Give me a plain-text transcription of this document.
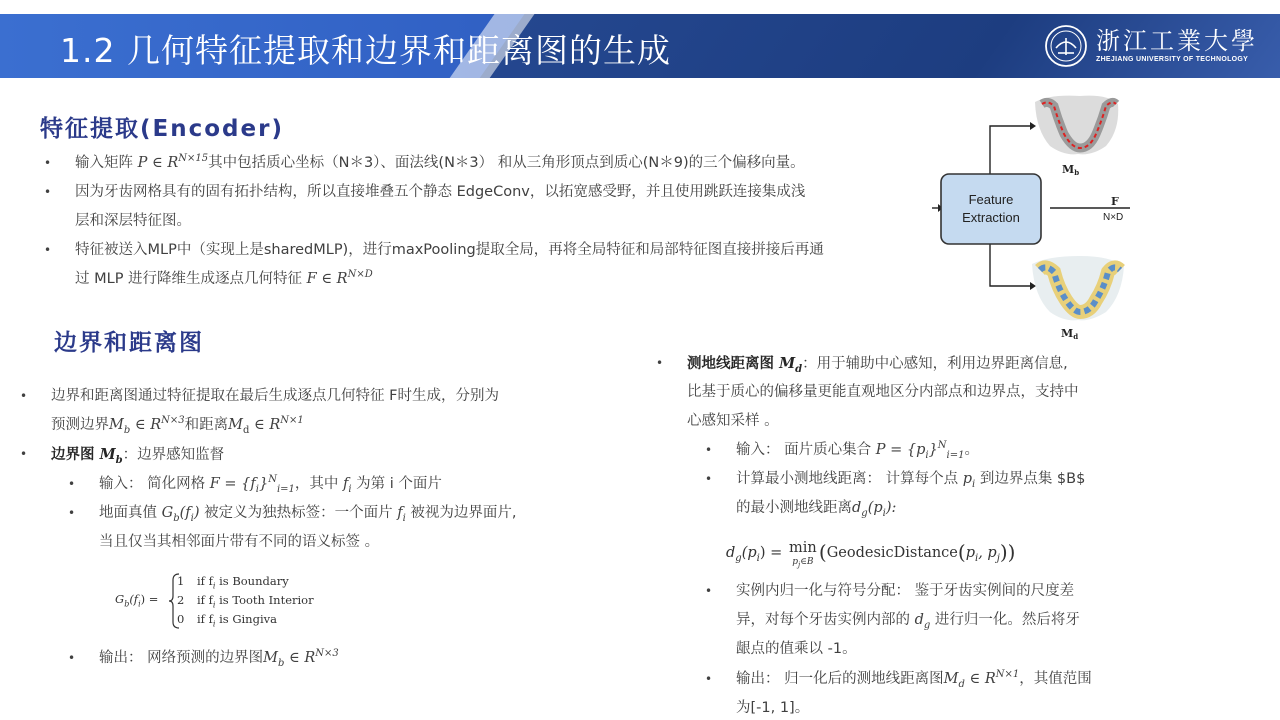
1.2 几何特征提取和边界和距离图的生成	浙江工業大學
ZHEJIANG UNIVERSITY OF TECHNOLOGY
特征提取(Encoder)
• 输入矩阵 P ∈ $R^{N\times 15}$其中包括质心坐标（N＊3）、面法线(N＊3） 和从三角形顶点到质心(N＊9)的三个偏移向量。
• 因为牙齿网格具有的固有拓扑结构，所以直接堆叠五个静态 EdgeConv，以拓宽感受野，并且使用跳跃连接集成浅
层和深层特征图。
• 特征被送入MLP中（实现上是sharedMLP)，进行maxPooling提取全局，再将全局特征和局部特征图直接拼接后再通
过 MLP 进行降维生成逐点几何特征 F ∈ $R^{N\times D}$
Mb
Feature
Extraction
F
N×D
Md
边界和距离图
• 边界和距离图通过特征提取在最后生成逐点几何特征 F时生成，分别为
预测边界$M_b$ ∈ $R^{N\times 3}$和距离$M_d$ ∈ $R^{N\times 1}$
• 边界图 $M_b$：边界感知监督
• 输入： 简化网格 $F = \{f_i\}^N_{i=1}$，其中 $f_i$ 为第 i 个面片
• 地面真值 $G_b(f_i)$ 被定义为独热标签：一个面片 $f_i$ 被视为边界面片,
当且仅当其相邻面片带有不同的语义标签 。
$G_b(f_i)$ =
1 if $f_i$ is Boundary
2 if $f_i$ is Tooth Interior
0 if $f_i$ is Gingiva
• 输出： 网络预测的边界图$M_b$ ∈ $R^{N\times 3}$
• 测地线距离图 $M_d$：用于辅助中心感知，利用边界距离信息,
比基于质心的偏移量更能直观地区分内部点和边界点，支持中
心感知采样 。
• 输入： 面片质心集合 $P = \{p_i\}^N_{i=1}$。
• 计算最小测地线距离： 计算每个点 $p_i$ 到边界点集 $B$
的最小测地线距离$d_g(p_i)$:
$d_g(p_i) = \min$
$p_j\in B$ ($GeodesicDistance(p_i$, $p_j$))
• 实例内归一化与符号分配： 鉴于牙齿实例间的尺度差
异，对每个牙齿实例内部的 $d_g$ 进行归一化。然后将牙
龈点的值乘以 -1。
• 输出： 归一化后的测地线距离图$M_d$ ∈ $R^{N\times 1}$，其值范围
为[-1, 1]。
